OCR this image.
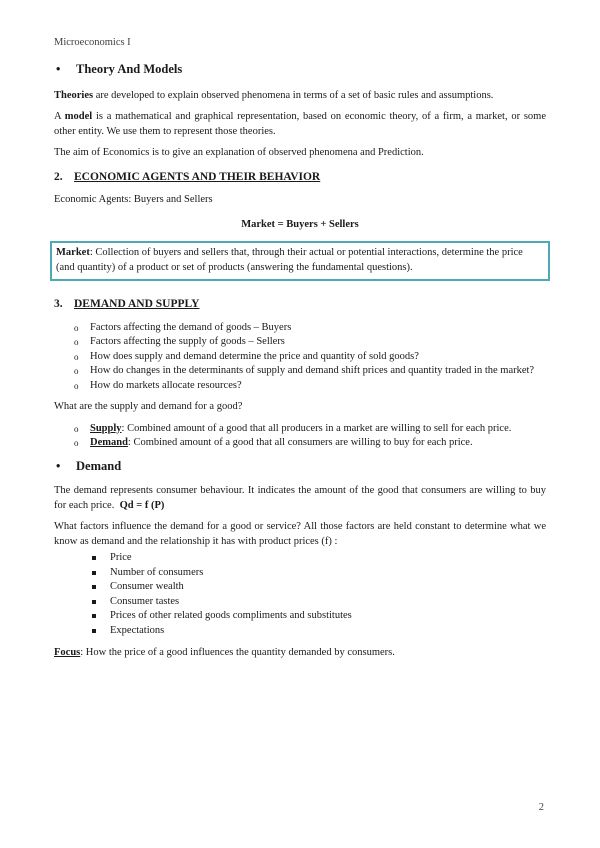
Microeconomics I
•	Theory And Models

Theories are developed to explain observed phenomena in terms of a set of basic rules and assumptions.

A model is a mathematical and graphical representation, based on economic theory, of a firm, a market, or some other entity. We use them to represent those theories.

The aim of Economics is to give an explanation of observed phenomena and Prediction.

2. ECONOMIC AGENTS AND THEIR BEHAVIOR

Economic Agents: Buyers and Sellers

Market = Buyers + Sellers

Market: Collection of buyers and sellers that, through their actual or potential interactions, determine the price (and quantity) of a product or set of products (answering the fundamental questions).
3. DEMAND AND SUPPLY
o Factors affecting the demand of goods – Buyers
o Factors affecting the supply of goods – Sellers
o How does supply and demand determine the price and quantity of sold goods?
o How do changes in the determinants of supply and demand shift prices and quantity traded in the market?
o How do markets allocate resources?

What are the supply and demand for a good?

o Supply: Combined amount of a good that all producers in a market are willing to sell for each price.
o Demand: Combined amount of a good that all consumers are willing to buy for each price.
•	Demand

The demand represents consumer behaviour. It indicates the amount of the good that consumers are willing to buy for each price. Qd = f (P)

What factors influence the demand for a good or service? All those factors are held constant to determine what we know as demand and the relationship it has with product prices (f) :

Price
Number of consumers
Consumer wealth
Consumer tastes
Prices of other related goods compliments and substitutes
Expectations

Focus: How the price of a good influences the quantity demanded by consumers.

2
